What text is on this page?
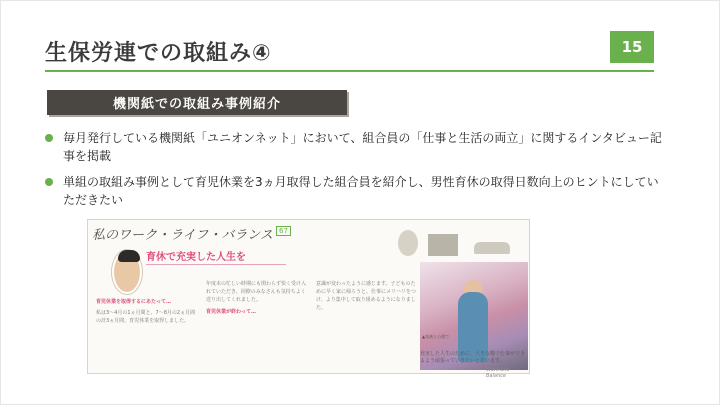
生保労連での取組み④	15
機関紙での取組み事例紹介
毎月発行している機関紙「ユニオンネット」において、組合員の「仕事と生活の両立」に関するインタビュー記事を掲載
単組の取組み事例として育児休業を3ヵ月取得した組合員を紹介し、男性育休の取得日数向上のヒントにしていただきたい
私のワーク・ライフ・バランス 67
育休で充実した人生を
育児休業を取得するにあたって…
私は3～4月の1ヵ月間と、7～8月の2ヵ月間の計3ヵ月間、育児休業を取得しました。
年度末の忙しい時期にも関わらず快く受け入れていただき、同僚のみなさんも気持ちよく送り出してくれました。
育児休業が終わって…
意識が変わったように感じます。子どものために早く家に帰ろうと、仕事にメリハリをつけ、より集中して取り組めるようになりました。
▲家族と公園で
充実した人生のために、大きな糧で仕事ができるよう頑張っていきたいと思います。
Work Life Balance
